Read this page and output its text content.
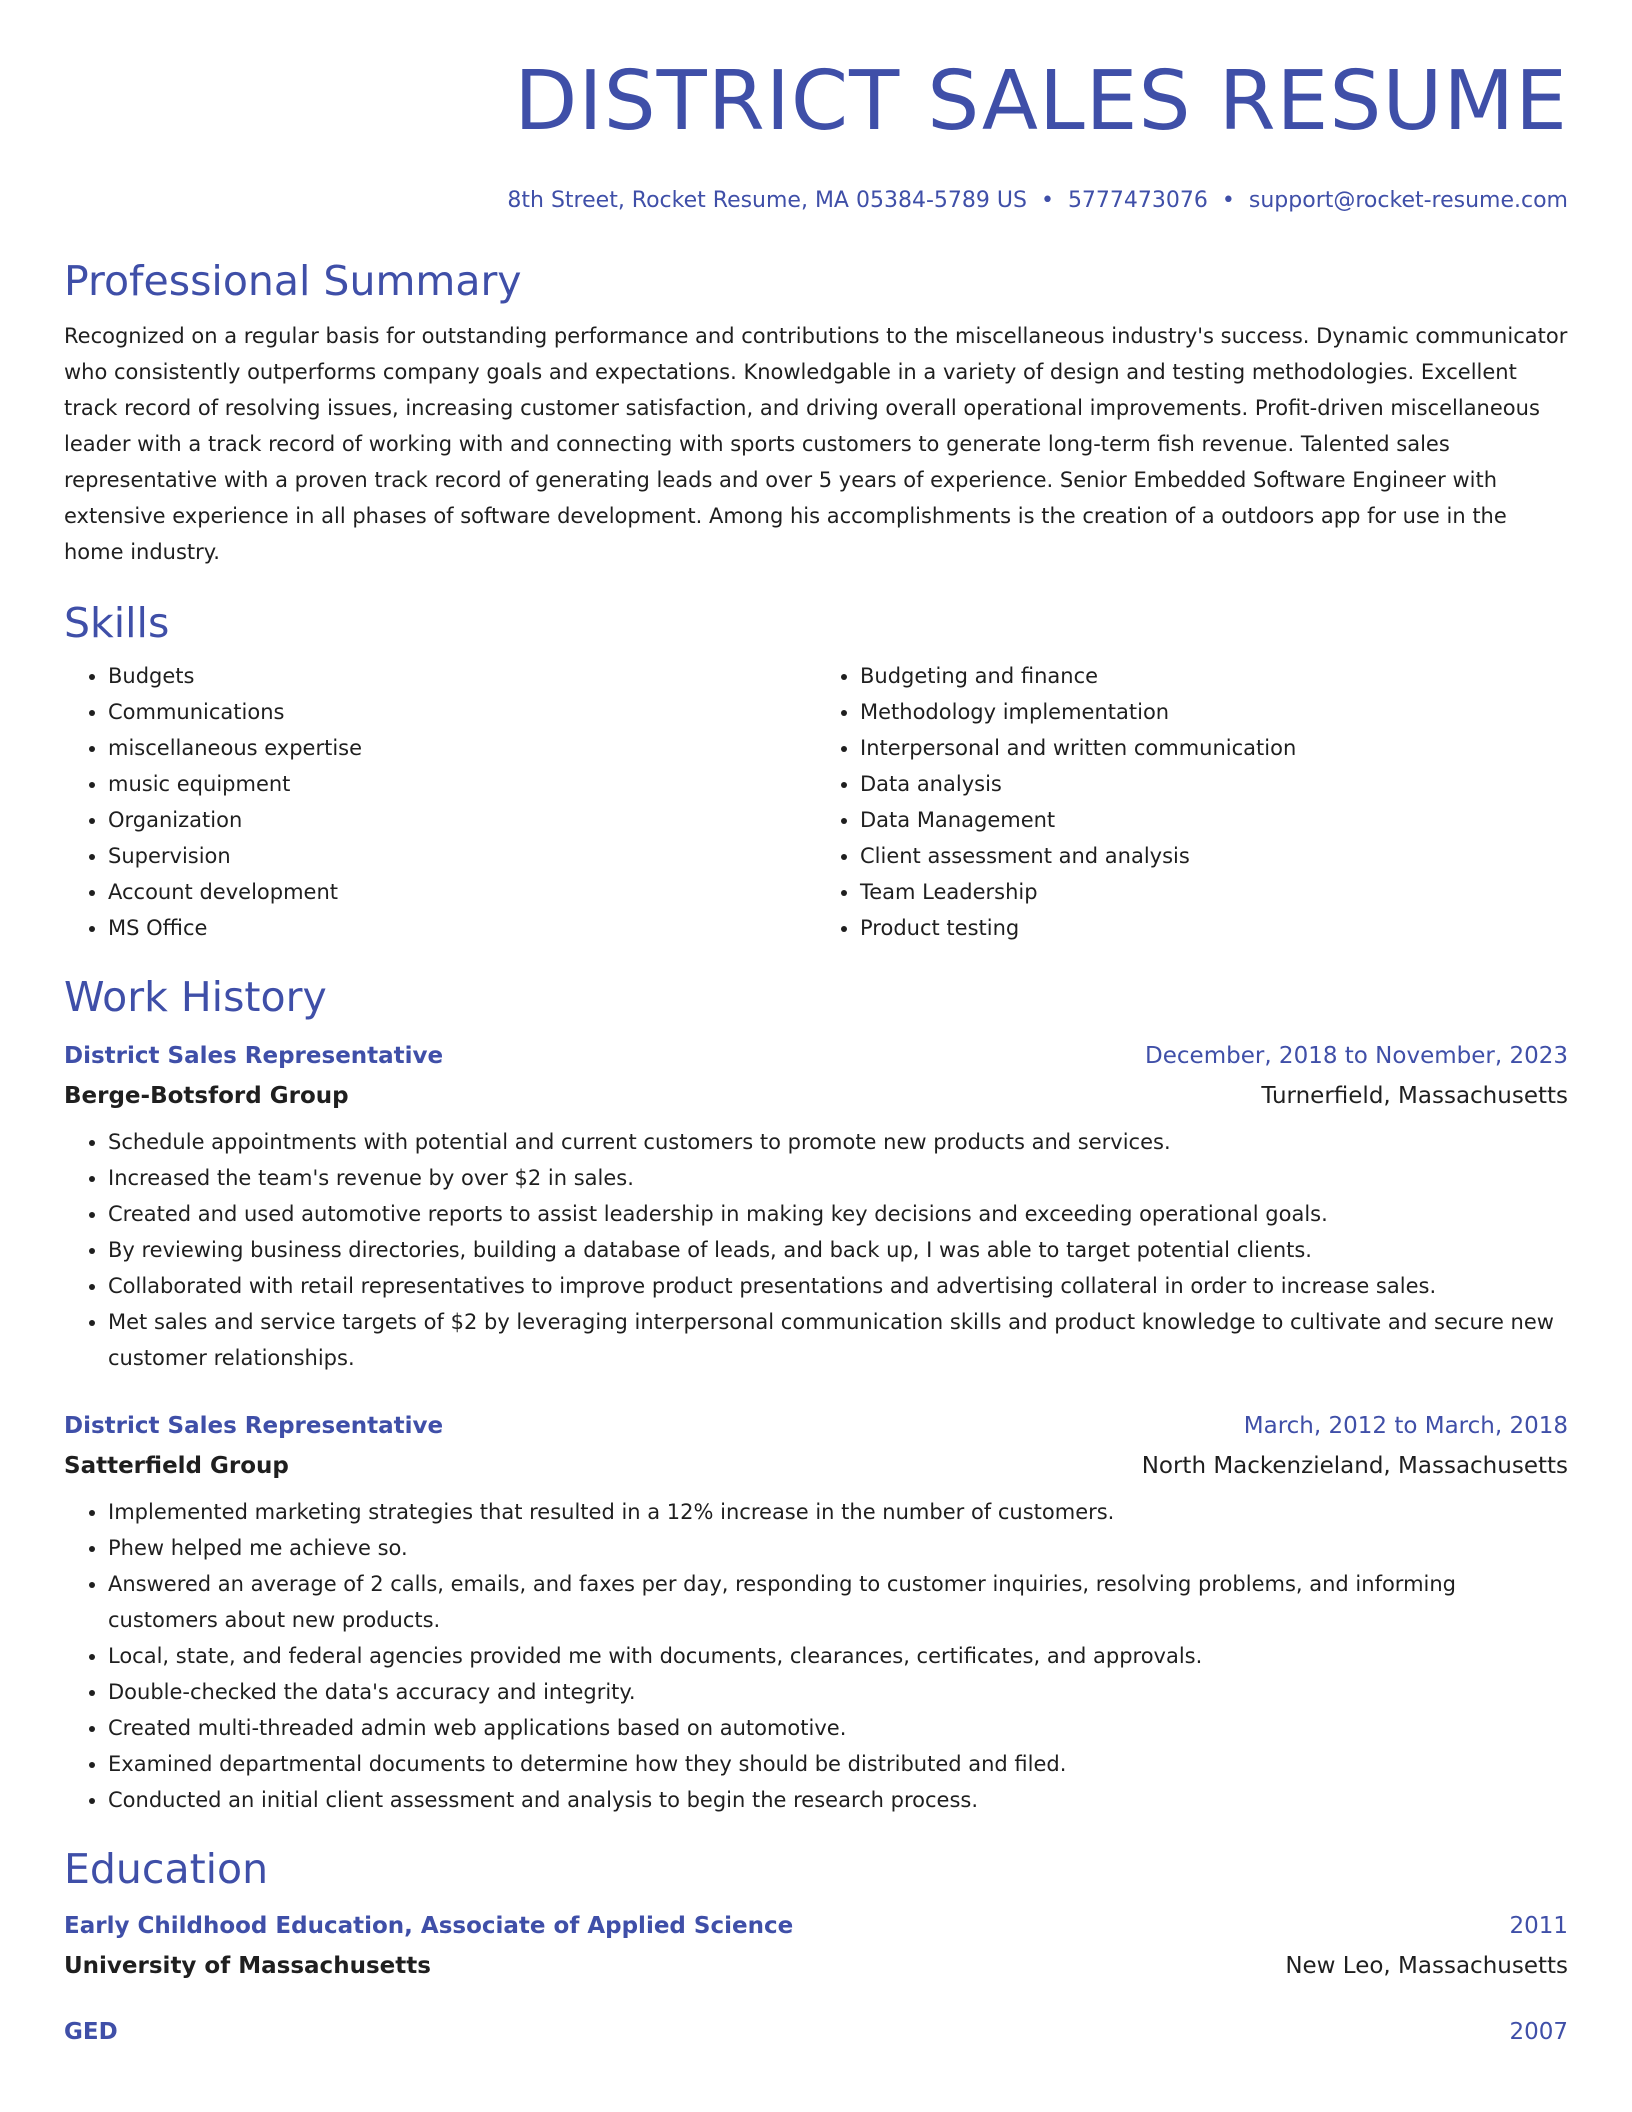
DISTRICT SALES RESUME
8th Street, Rocket Resume, MA 05384-5789 US • 5777473076 • support@rocket-resume.com
Professional Summary
Recognized on a regular basis for outstanding performance and contributions to the miscellaneous industry's success. Dynamic communicator who consistently outperforms company goals and expectations. Knowledgable in a variety of design and testing methodologies. Excellent track record of resolving issues, increasing customer satisfaction, and driving overall operational improvements. Profit-driven miscellaneous leader with a track record of working with and connecting with sports customers to generate long-term fish revenue. Talented sales representative with a proven track record of generating leads and over 5 years of experience. Senior Embedded Software Engineer with extensive experience in all phases of software development. Among his accomplishments is the creation of a outdoors app for use in the home industry.
Skills
• Budgets
• Communications
• miscellaneous expertise
• music equipment
• Organization
• Supervision
• Account development
• MS Office
• Budgeting and finance
• Methodology implementation
• Interpersonal and written communication
• Data analysis
• Data Management
• Client assessment and analysis
• Team Leadership
• Product testing
Work History
District Sales Representative	December, 2018 to November, 2023
Berge-Botsford Group	Turnerfield, Massachusetts
• Schedule appointments with potential and current customers to promote new products and services.
• Increased the team's revenue by over $2 in sales.
• Created and used automotive reports to assist leadership in making key decisions and exceeding operational goals.
• By reviewing business directories, building a database of leads, and back up, I was able to target potential clients.
• Collaborated with retail representatives to improve product presentations and advertising collateral in order to increase sales.
• Met sales and service targets of $2 by leveraging interpersonal communication skills and product knowledge to cultivate and secure new customer relationships.
District Sales Representative	March, 2012 to March, 2018
Satterfield Group	North Mackenzieland, Massachusetts
• Implemented marketing strategies that resulted in a 12% increase in the number of customers.
• Phew helped me achieve so.
• Answered an average of 2 calls, emails, and faxes per day, responding to customer inquiries, resolving problems, and informing customers about new products.
• Local, state, and federal agencies provided me with documents, clearances, certificates, and approvals.
• Double-checked the data's accuracy and integrity.
• Created multi-threaded admin web applications based on automotive.
• Examined departmental documents to determine how they should be distributed and filed.
• Conducted an initial client assessment and analysis to begin the research process.
Education
Early Childhood Education, Associate of Applied Science	2011
University of Massachusetts	New Leo, Massachusetts
GED	2007
